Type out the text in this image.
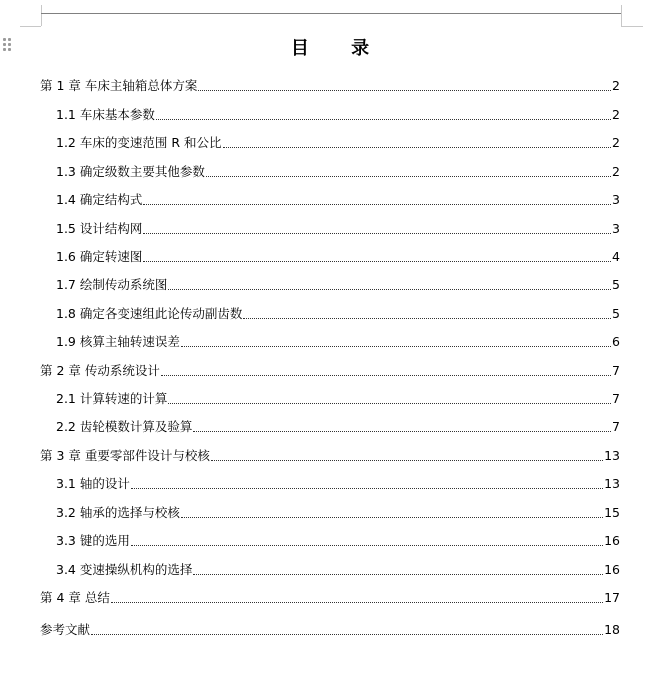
目 录
第 1 章 车床主轴箱总体方案	2
1.1 车床基本参数	2
1.2 车床的变速范围 R 和公比	2
1.3 确定级数主要其他参数	2
1.4 确定结构式	3
1.5 设计结构网	3
1.6 确定转速图	4
1.7 绘制传动系统图	5
1.8 确定各变速组此论传动副齿数	5
1.9 核算主轴转速误差	6
第 2 章 传动系统设计	7
2.1 计算转速的计算	7
2.2 齿轮模数计算及验算	7
第 3 章 重要零部件设计与校核	13
3.1 轴的设计	13
3.2 轴承的选择与校核	15
3.3 键的选用	16
3.4 变速操纵机构的选择	16
第 4 章 总结	17
参考文献	18
